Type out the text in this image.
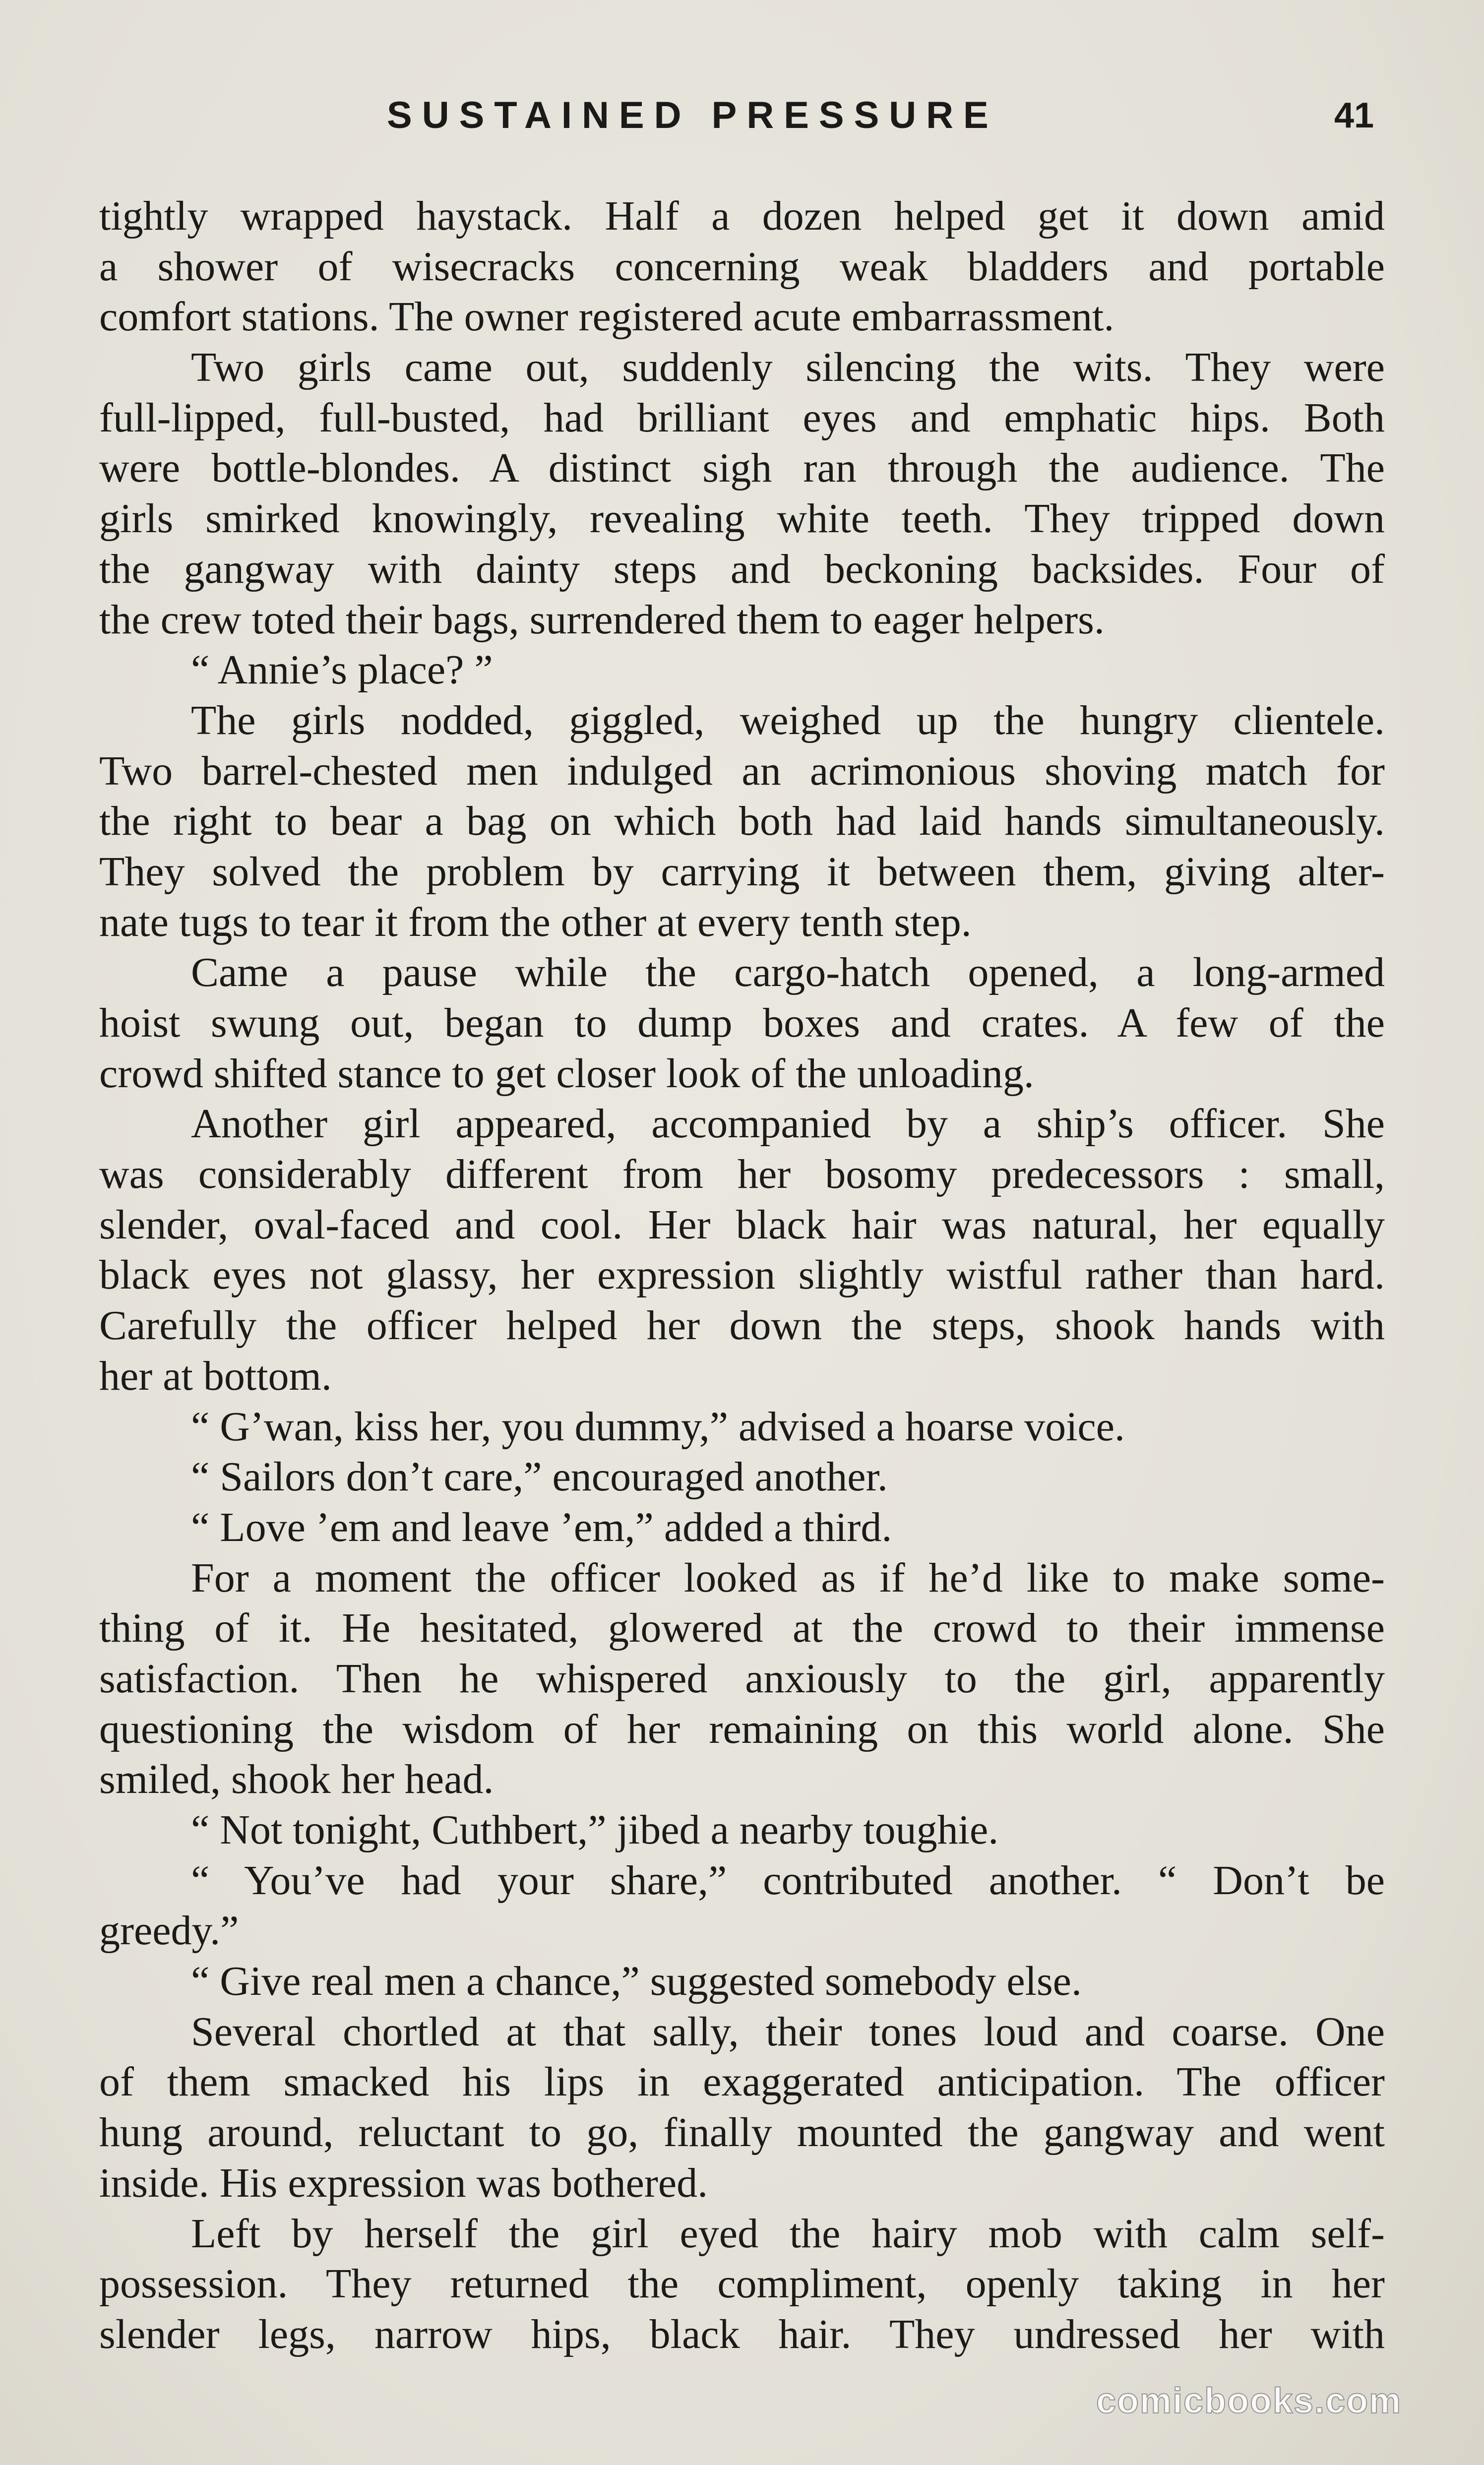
SUSTAINED PRESSURE	41
tightly wrapped haystack. Half a dozen helped get it down amid
a shower of wisecracks concerning weak bladders and portable
comfort stations. The owner registered acute embarrassment.
Two girls came out, suddenly silencing the wits. They were
full-lipped, full-busted, had brilliant eyes and emphatic hips. Both
were bottle-blondes. A distinct sigh ran through the audience. The
girls smirked knowingly, revealing white teeth. They tripped down
the gangway with dainty steps and beckoning backsides. Four of
the crew toted their bags, surrendered them to eager helpers.
“ Annie’s place? ”
The girls nodded, giggled, weighed up the hungry clientele.
Two barrel-chested men indulged an acrimonious shoving match for
the right to bear a bag on which both had laid hands simultaneously.
They solved the problem by carrying it between them, giving alter-
nate tugs to tear it from the other at every tenth step.
Came a pause while the cargo-hatch opened, a long-armed
hoist swung out, began to dump boxes and crates. A few of the
crowd shifted stance to get closer look of the unloading.
Another girl appeared, accompanied by a ship’s officer. She
was considerably different from her bosomy predecessors : small,
slender, oval-faced and cool. Her black hair was natural, her equally
black eyes not glassy, her expression slightly wistful rather than hard.
Carefully the officer helped her down the steps, shook hands with
her at bottom.
“ G’wan, kiss her, you dummy,” advised a hoarse voice.
“ Sailors don’t care,” encouraged another.
“ Love ’em and leave ’em,” added a third.
For a moment the officer looked as if he’d like to make some-
thing of it. He hesitated, glowered at the crowd to their immense
satisfaction. Then he whispered anxiously to the girl, apparently
questioning the wisdom of her remaining on this world alone. She
smiled, shook her head.
“ Not tonight, Cuthbert,” jibed a nearby toughie.
“ You’ve had your share,” contributed another. “ Don’t be
greedy.”
“ Give real men a chance,” suggested somebody else.
Several chortled at that sally, their tones loud and coarse. One
of them smacked his lips in exaggerated anticipation. The officer
hung around, reluctant to go, finally mounted the gangway and went
inside. His expression was bothered.
Left by herself the girl eyed the hairy mob with calm self-
possession. They returned the compliment, openly taking in her
slender legs, narrow hips, black hair. They undressed her with
comicbooks.com
